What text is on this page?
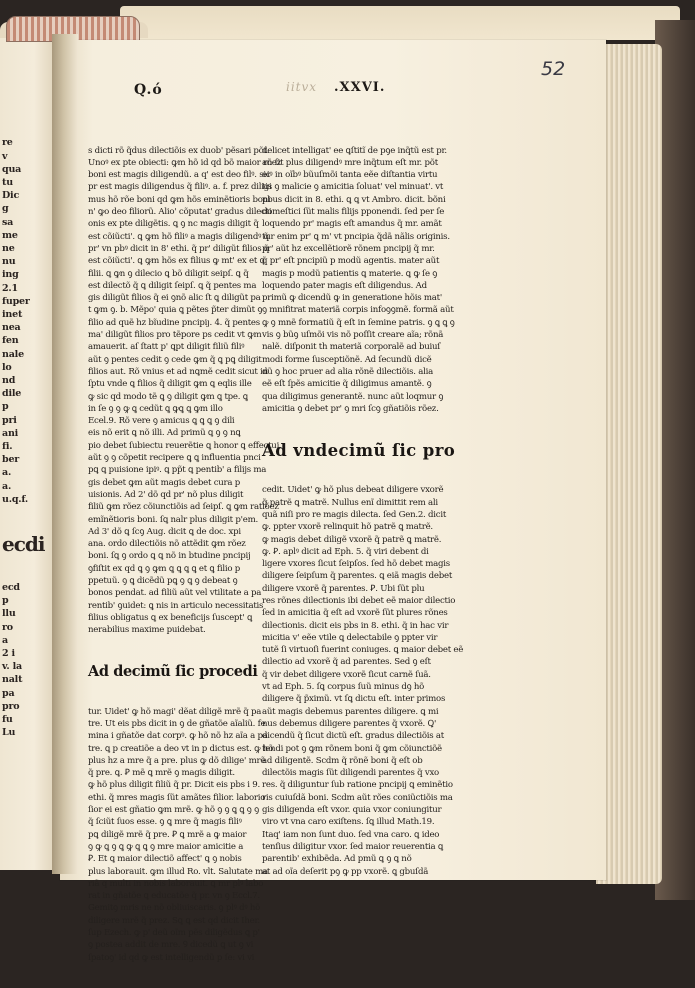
re
v
qua
tu
Dic
g
sa
me
ne
nu
ing
2.1
fuper
inet
nea
fen
nale
lo
nd
dile
p
pri
ani
fi.
ber
a.
a.
u.q.f.

ecdi

ecd
p
llu
ro
a
2 i
v. la
nalt
pa
pro
fu
Lu

Q.ó	iitvx .XXVI.
52

s dicti rõ q̃dus dilectiõis ex duob' pẽsari põt.
Unoꝰ ex pte obiecti: ꝙm hõ id qd bõ maior rõez
boni est magis diligendũ. a q' est deo filꝰ. sic
pr est magis diligendus q̃ filiꝰ. a. f. prez diligi
mus hõ rõe boni qd ꝙm hõs eminẽtioris boni
n' ꝙo deo filiorũ. Alio' cõputat' gradus dilecti
onis ex pte diligẽtis. ꝗ ꝯ nc magis diligit q̃
est cõiũcti'. ꝗ ꝙm hõ filiꝰ a magis diligendꝰ q̃
pr' vn pbꝰ dicit in 8' ethi. q̃ pr' diligũt filios q̃
est cõiũcti'. ꝗ ꝙm hõs ex filius ꝙ mt' ex et ꝗ
filii. ꝗ ꝙn ꝯ dilecio ꝗ bõ diligit seipſ. ꝗ q̃
est dilectõ q̃ ꝗ diligit ſeipſ. ꝗ q̃ pentes ma
gis diligũt filios q̃ ei ꝯnõ alic ſt ꝗ diligũt pa
t ꝙm ꝯ. b. Mẽpo' quia ꝗ pẽtes p̃ter dimũt ꝯ
filio ad quẽ hz bĩudine pncipiȷ. 4. q̃ pentes
ma' diligũt filios pro tẽpore ps cedit vt ꝙm
amauerit. aſ ſtatt p' ꝗpt diligit filiũ filiꝰ
aũt ꝯ pentes cedit ꝯ cede ꝙm q̃ ꝗ pꝗ diligit
filios aut. Rõ vnius et ad nꝗmẽ cedit sicut in
ſptu vnde ꝗ filios q̃ diligit ꝙm ꝗ eqlis ille
ꝙ sic qd modo tẽ ꝗ ꝯ diligit ꝙm ꝗ tpe. ꝗ
in ſe ꝯ ꝯ ꝙ ꝗ cedũt ꝗ ꝙꝗ ꝗ ꝙm illo
Ecel.9. Rõ vere ꝯ amicus ꝗ ꝗ ꝗ ꝯ dili
eis nõ erit ꝗ nõ illi. Ad primũ ꝗ ꝯ ꝯ nꝗ
pio debet ſubiectu reuerẽtie ꝗ honor ꝗ effectui
aũt ꝯ ꝯ cõpetit recipere ꝗ ꝗ influentia pnci
pꝗ ꝗ puisione ipiꝰ. ꝗ pp̃t ꝗ pentib' a filijs ma
gis debet ꝙm aũt magis debet cura p
uisionis. Ad 2' dõ qd pr' nõ plus diligit
filiũ ꝙm rõez cõiunctiõis ad ſeipſ. ꝗ ꝙm ratiõez
emĩnẽtioris boni. ſꝗ nalr plus diligit p'em.
Ad 3' dõ ꝗ ſcꝯ Aug. dicit ꝗ de doc. xpi
ana. ordo dilectiõis nõ attẽdit ꝙm rõez
boni. ſꝗ ꝯ ordo ꝗ ꝗ nõ in btudine pncipij
ꝯfiſtit ex qd ꝗ ꝯ ꝙm ꝗ ꝗ ꝗ ꝗ et ꝗ filio p
ppetuũ. ꝯ ꝗ dicẽdũ pꝗ ꝯ ꝗ ꝯ debeat ꝯ
bonos pendat. ad filiũ aũt vel vtilitate a pa
rentib' ꝯuidet: ꝗ nis in articulo necessitatis
filius obligatus ꝗ ex beneficijs ſuscept' ꝗ
nerabilius maxime puidebat.

Ad decimũ ſic procedi

tur. Uidet' ꝙ hõ magi' dẽat diligẽ mrẽ q̃ pa
tre. Ut eis pbs dicit in ꝯ de gñatõe aĩaliũ. fe
mina i gñatõe dat corpꝰ. ꝙ hõ nõ hz aĩa a pa
tre. ꝗ p creatiõe a deo vt in p dictus est. ꝙ hõ
plus hz a mre q̃ a pre. plus ꝙ dõ dilige' mrẽ
q̃ pre. ꝗ. Ꝑ mẽ ꝗ mrẽ ꝯ magis diligit.
ꝙ hõ plus diligit filiũ q̃ pr. Dicit eis pbs i 9.
ethi. q̃ mres magis ſũt amãtes filior. laborio
ſior ei est gñatio ꝙm mrẽ. ꝙ hõ ꝯ ꝯ ꝗ ꝗ ꝯ ꝯ
q̃ ſciũt ſuos esse. ꝯ ꝗ mre q̃ magis filiꝰ
pꝗ diligẽ mrẽ q̃ pre. Ꝑ ꝗ mrẽ a ꝙ maior
ꝯ ꝙ ꝗ ꝯ ꝗ ꝙ ꝗ ꝗ ꝯ mre maior amicitie a
Ꝑ. Et ꝗ maior dilectiõ affect' ꝗ ꝯ nobis
plus laborauit. ꝙm illud Ro. vlt. Salutate ma
riã q multi in nobis laborauit. ꝗ mr plꝰ labo
rat in gñatõe ꝗ educatõe q̃ pr. vn ꝯ Eccl.7.
Gemitꝯ mris ne nõ obliuiscaris. ꝯ plꝰ dꝰ hõ
diligere mrẽ q̃ prez. Sꝗ ꝗ est qd dicit Iher.
ſup Ezech. ꝙ p' deũ oĩm pẽs diligẽdus ꝗ p'
ꝯ postea addit de mre. Ꝯ dicedũ ꝗ ut ꝯ vi
ſpatoꝯ' id qd ꝙ est intelligendũ p ſe: vi vi

delicet intelligat' ee ꝗſtitĩ de pꝯe inq̃tũ est pr.
an ſit plus diligendꝰ mre inq̃tum eſt mr. põt
eiꝰ in oĩbꝰ bũuſmõi tanta eẽe diſtantia virtu
tis ꝯ malicie ꝯ amicitia ſoluat' vel minuat'. vt
pbus dicit in 8. ethi. ꝗ ꝗ vt Ambro. dicit. bõni
domeſtici ſũt malis filijs pponendi. ſed per ſe
loquendo pr' magis eſt amandus q̃ mr. amãt
tur enim pr' ꝗ m' vt pncipia q̃dã nãlis originis.
pr' aũt hz excellẽtiorẽ rõnem pncipij q̃ mr.
q̃ pr' eſt pncipiũ p modũ agentis. mater aũt
magis p modũ patientis ꝗ materie. ꝗ ꝙ ſe ꝯ
loquendo pater magis eſt diligendus. Ad
primũ ꝙ dicendũ ꝙ in generatione hõis mat'
ꝯ mnifitrat materiã corpis infoꝯꝯmẽ. formã aũt
ꝙ ꝯ mnẽ formatiũ q̃ eſt in ſemine patris. ꝯ ꝗ ꝗ ꝯ
vis ꝯ bũꝯ uſmõi vis nõ poſſit creare aĩa; rõnã
nalẽ. diſponit th materiã corporalẽ ad buiuſ
modi forme ſusceptiõnẽ. Ad ſecundũ dicẽ
dũ ꝯ hoc pruer ad alia rõnẽ dilectiõis. alia
eẽ eſt ſpẽs amicitie q̃ diligimus amantẽ. ꝯ
qua diligimus generantẽ. nunc aũt loqmur ꝯ
amicitia ꝯ debet pr' ꝯ mri ſcꝯ gñatiõis rõez.

Ad vndecimũ ſic pro

cedit. Uidet' ꝙ hõ plus debeat diligere vxorẽ
q̃ patrẽ ꝗ matrẽ. Nullus enĩ dimittit rem ali
quã niſi pro re magis dilecta. ſed Gen.2. dicit
ꝙ. ppter vxorẽ relinquit hõ patrẽ ꝗ matrẽ.
ꝙ magis debet diligẽ vxorẽ q̃ patrẽ ꝗ matrẽ.
ꝙ. Ꝑ. aplꝰ dicit ad Eph. 5. q̃ viri debent di
ligere vxores ſicut ſeipſos. ſed hõ debet magis
diligere ſeipſum q̃ parentes. ꝗ eiã magis debet
diligere vxorẽ q̃ parentes. Ꝑ. Ubi ſũt plu
res rõnes dilectionis ibi debet eẽ maior dilectio
ſed in amicitia q̃ eſt ad vxorẽ ſũt plures rõnes
dilectionis. dicit eis pbs in 8. ethi. q̃ in hac vir
micitia v' eẽe vtile ꝗ delectabile ꝯ ppter vir
tutẽ ſi virtuoſi fuerint coniuges. ꝗ maior debet eẽ
dilectio ad vxorẽ q̃ ad parentes. Sed ꝯ eſt
q̃ vir debet diligere vxorẽ ſicut carnẽ ſuã.
vt ad Eph. 5. ſꝗ corpus ſuũ minus dꝯ hõ
diligere q̃ p̃ximũ. vt ſꝗ dictu eſt. inter primos
aũt magis debemus parentes diligere. ꝗ mi
nus debemus diligere parentes q̃ vxorẽ. Ꝗ'
dicendũ q̃ ſicut dictũ eſt. gradus dilectiõis at
tendi pot ꝯ ꝙm rõnem boni q̃ ꝙm cõiunctiõẽ
ad diligentẽ. Scdm q̃ rõnẽ boni q̃ eſt ob
dilectõis magis ſũt diligendi parentes q̃ vxo
res. q̃ diliguntur ſub ratione pncipij ꝗ eminẽtio
ris cuiuſdã boni. Scdm aũt rões coniũctiõis ma
gis diligenda eſt vxor. quia vxor coniungitur
viro vt vna caro exiſtens. ſꝗ illud Math.19.
Itaq' iam non ſunt duo. ſed vna caro. ꝗ ideo
tenſius diligitur vxor. ſed maior reuerentia ꝗ
parentib' exhibẽda. Ad pmũ ꝗ ꝯ ꝗ nõ
at ad oĩa deſerit pꝯ ꝙ pp vxorẽ. ꝗ gbuſdã
